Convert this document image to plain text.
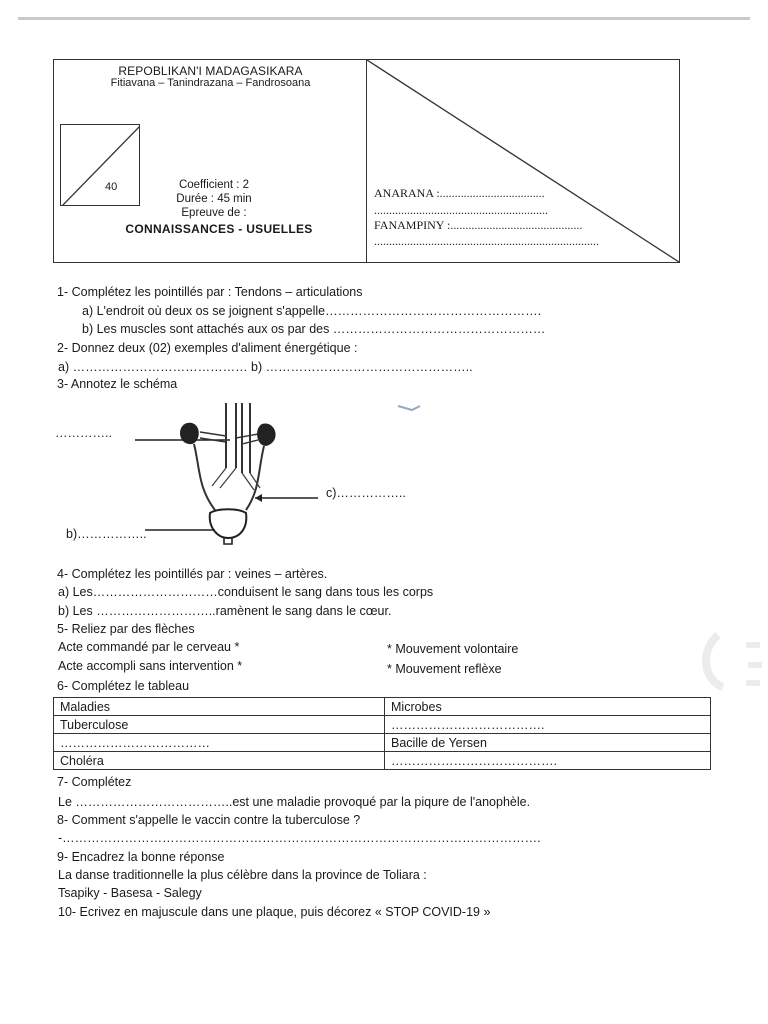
REPOBLIKAN'I MADAGASIKARA
Fitiavana – Tanindrazana – Fandrosoana
40	Coefficient : 2
Durée : 45 min
Epreuve de :
CONNAISSANCES - USUELLES
ANARANA :...................................
..........................................................
FANAMPINY :............................................
...........................................................................
1- Complétez les pointillés par : Tendons – articulations
a) L'endroit où deux os se joignent s'appelle…………………………………………….
b) Les muscles sont attachés aux os par des ……………………………………………
2- Donnez deux (02) exemples d'aliment énergétique :
a) …………………………………… b) …………………………………………..
3- Annotez le schéma
…………..
c)……………..
b)……………..
4- Complétez les pointillés par : veines – artères.
a) Les…………………………conduisent le sang dans tous les corps
b) Les ………………………..ramènent le sang dans le cœur.
5- Reliez par des flèches
Acte commandé par le cerveau *
Acte accompli sans intervention *
* Mouvement volontaire
* Mouvement reflèxe
6- Complétez le tableau
Maladies	Microbes
Tuberculose	……………………………….
………………………………	Bacille de Yersen
Choléra	………………………………….
7- Complétez
Le ………………………………..est une maladie provoqué par la piqure de l'anophèle.
8- Comment s'appelle le vaccin contre la tuberculose ?
-…………………………………………………………………………………………………….
9- Encadrez la bonne réponse
La danse traditionnelle la plus célèbre dans la province de Toliara :
Tsapiky - Basesa - Salegy
10- Ecrivez en majuscule dans une plaque, puis décorez « STOP COVID-19 »
